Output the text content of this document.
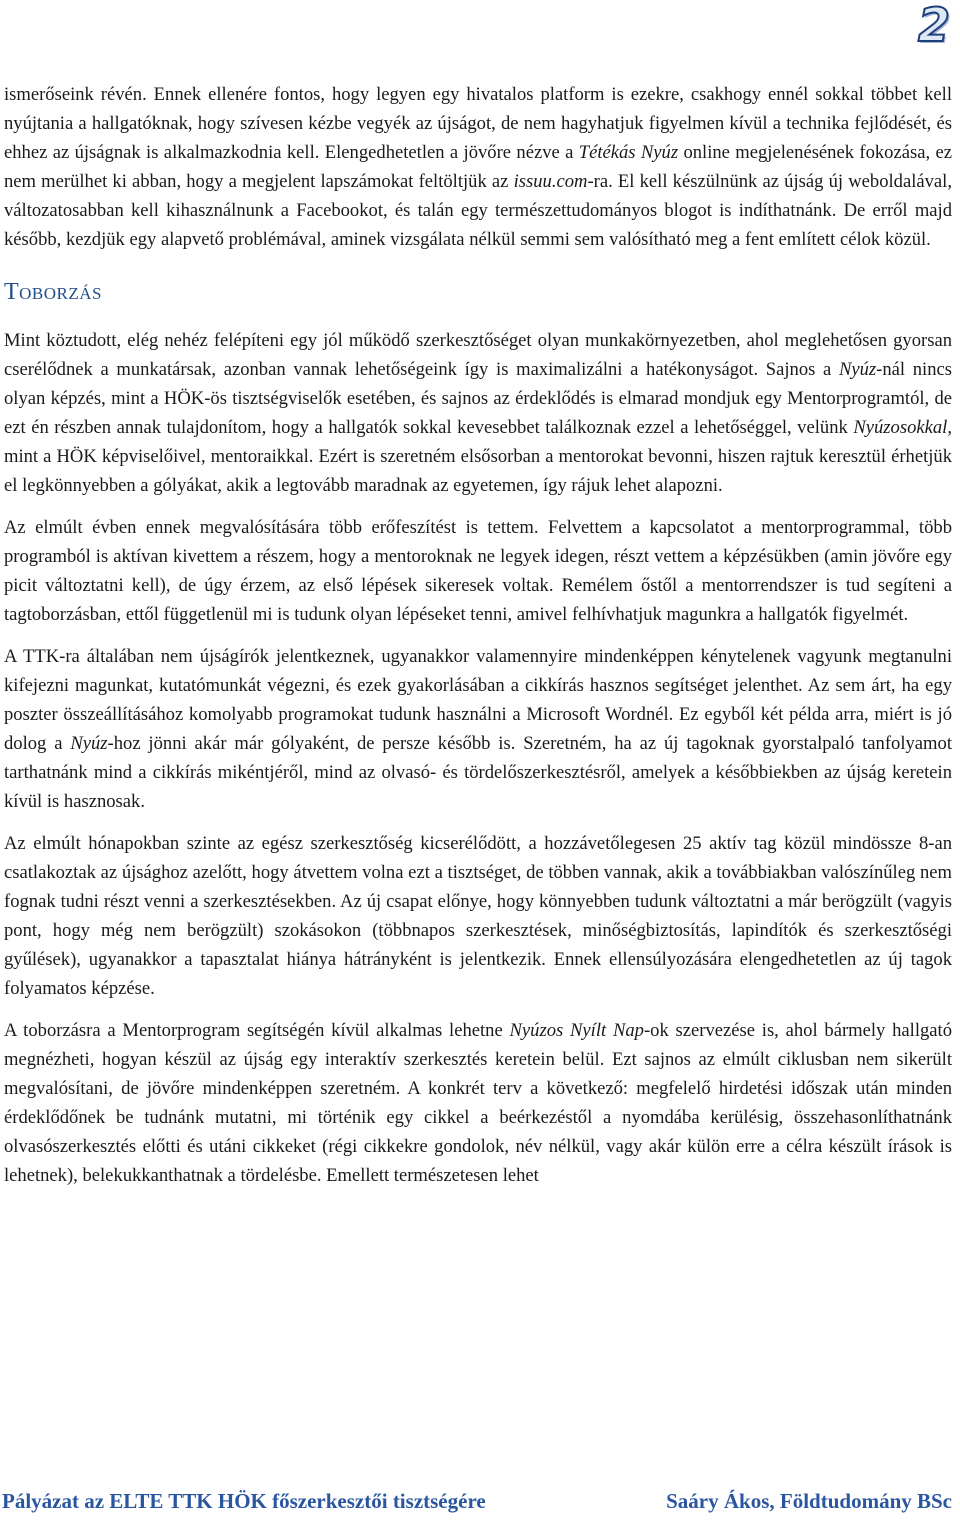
2

ismerőseink révén. Ennek ellenére fontos, hogy legyen egy hivatalos platform is ezekre, csakhogy ennél sokkal többet kell nyújtania a hallgatóknak, hogy szívesen kézbe vegyék az újságot, de nem hagyhatjuk figyelmen kívül a technika fejlődését, és ehhez az újságnak is alkalmazkodnia kell. Elengedhetetlen a jövőre nézve a Tétékás Nyúz online megjelenésének fokozása, ez nem merülhet ki abban, hogy a megjelent lapszámokat feltöltjük az issuu.com-ra. El kell készülnünk az újság új weboldalával, változatosabban kell kihasználnunk a Facebookot, és talán egy természettudományos blogot is indíthatnánk. De erről majd később, kezdjük egy alapvető problémával, aminek vizsgálata nélkül semmi sem valósítható meg a fent említett célok közül.

Toborzás

Mint köztudott, elég nehéz felépíteni egy jól működő szerkesztőséget olyan munkakörnyezetben, ahol meglehetősen gyorsan cserélődnek a munkatársak, azonban vannak lehetőségeink így is maximalizálni a hatékonyságot. Sajnos a Nyúz-nál nincs olyan képzés, mint a HÖK-ös tisztségviselők esetében, és sajnos az érdeklődés is elmarad mondjuk egy Mentorprogramtól, de ezt én részben annak tulajdonítom, hogy a hallgatók sokkal kevesebbet találkoznak ezzel a lehetőséggel, velünk Nyúzosokkal, mint a HÖK képviselőivel, mentoraikkal. Ezért is szeretném elsősorban a mentorokat bevonni, hiszen rajtuk keresztül érhetjük el legkönnyebben a gólyákat, akik a legtovább maradnak az egyetemen, így rájuk lehet alapozni.

Az elmúlt évben ennek megvalósítására több erőfeszítést is tettem. Felvettem a kapcsolatot a mentorprogrammal, több programból is aktívan kivettem a részem, hogy a mentoroknak ne legyek idegen, részt vettem a képzésükben (amin jövőre egy picit változtatni kell), de úgy érzem, az első lépések sikeresek voltak. Remélem őstől a mentorrendszer is tud segíteni a tagtoborzásban, ettől függetlenül mi is tudunk olyan lépéseket tenni, amivel felhívhatjuk magunkra a hallgatók figyelmét.

A TTK-ra általában nem újságírók jelentkeznek, ugyanakkor valamennyire mindenképpen kénytelenek vagyunk megtanulni kifejezni magunkat, kutatómunkát végezni, és ezek gyakorlásában a cikkírás hasznos segítséget jelenthet. Az sem árt, ha egy poszter összeállításához komolyabb programokat tudunk használni a Microsoft Wordnél. Ez egyből két példa arra, miért is jó dolog a Nyúz-hoz jönni akár már gólyaként, de persze később is. Szeretném, ha az új tagoknak gyorstalpaló tanfolyamot tarthatnánk mind a cikkírás mikéntjéről, mind az olvasó- és tördelőszerkesztésről, amelyek a későbbiekben az újság keretein kívül is hasznosak.

Az elmúlt hónapokban szinte az egész szerkesztőség kicserélődött, a hozzávetőlegesen 25 aktív tag közül mindössze 8-an csatlakoztak az újsághoz azelőtt, hogy átvettem volna ezt a tisztséget, de többen vannak, akik a továbbiakban valószínűleg nem fognak tudni részt venni a szerkesztésekben. Az új csapat előnye, hogy könnyebben tudunk változtatni a már berögzült (vagyis pont, hogy még nem berögzült) szokásokon (többnapos szerkesztések, minőségbiztosítás, lapindítók és szerkesztőségi gyűlések), ugyanakkor a tapasztalat hiánya hátrányként is jelentkezik. Ennek ellensúlyozására elengedhetetlen az új tagok folyamatos képzése.

A toborzásra a Mentorprogram segítségén kívül alkalmas lehetne Nyúzos Nyílt Nap-ok szervezése is, ahol bármely hallgató megnézheti, hogyan készül az újság egy interaktív szerkesztés keretein belül. Ezt sajnos az elmúlt ciklusban nem sikerült megvalósítani, de jövőre mindenképpen szeretném. A konkrét terv a következő: megfelelő hirdetési időszak után minden érdeklődőnek be tudnánk mutatni, mi történik egy cikkel a beérkezéstől a nyomdába kerülésig, összehasonlíthatnánk olvasószerkesztés előtti és utáni cikkeket (régi cikkekre gondolok, név nélkül, vagy akár külön erre a célra készült írások is lehetnek), belekukkanthatnak a tördelésbe. Emellett természetesen lehet

Pályázat az ELTE TTK HÖK főszerkesztői tisztségére	Saáry Ákos, Földtudomány BSc
